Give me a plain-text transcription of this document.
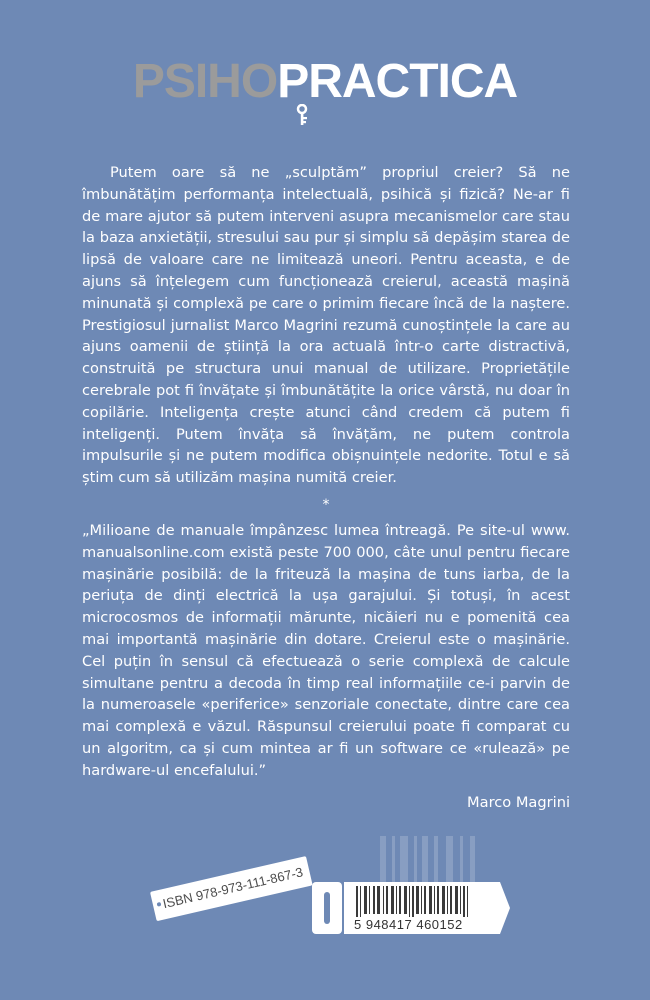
PSIHOPRACTICA

Putem oare să ne „sculptăm” propriul creier? Să ne îmbunătățim performanța intelectuală, psihică și fizică? Ne-ar fi de mare ajutor să putem interveni asupra mecanismelor care stau la baza anxietății, stresului sau pur și simplu să depășim starea de lipsă de valoare care ne limitează uneori. Pentru aceasta, e de ajuns să înțelegem cum funcționează creierul, această mașină minunată și complexă pe care o primim fiecare încă de la naștere. Prestigiosul jurnalist Marco Magrini rezumă cunoștințele la care au ajuns oamenii de știință la ora actuală într-o carte distractivă, construită pe structura unui manual de utilizare. Proprietățile cerebrale pot fi învățate și îmbunătățite la orice vârstă, nu doar în copilărie. Inteligența crește atunci când credem că putem fi inteligenți. Putem învăța să învățăm, ne putem controla impulsurile și ne putem modifica obișnuințele nedorite. Totul e să știm cum să utilizăm mașina numită creier.

*

„Milioane de manuale împânzesc lumea întreagă. Pe site-ul www. manualsonline.com există peste 700 000, câte unul pentru fiecare mașinărie posibilă: de la friteuză la mașina de tuns iarba, de la periuța de dinți electrică la ușa garajului. Și totuși, în acest microcosmos de informații mărunte, nicăieri nu e pomenită cea mai importantă mașinărie din dotare. Creierul este o mașinărie. Cel puțin în sensul că efectuează o serie complexă de calcule simultane pentru a decoda în timp real informațiile ce-i parvin de la numeroasele «periferice» senzoriale conectate, dintre care cea mai complexă e văzul. Răspunsul creierului poate fi comparat cu un algoritm, ca și cum mintea ar fi un software ce «rulează» pe hardware-ul encefalului.”

Marco Magrini
5 948417 460152
ISBN 978-973-111-867-3
